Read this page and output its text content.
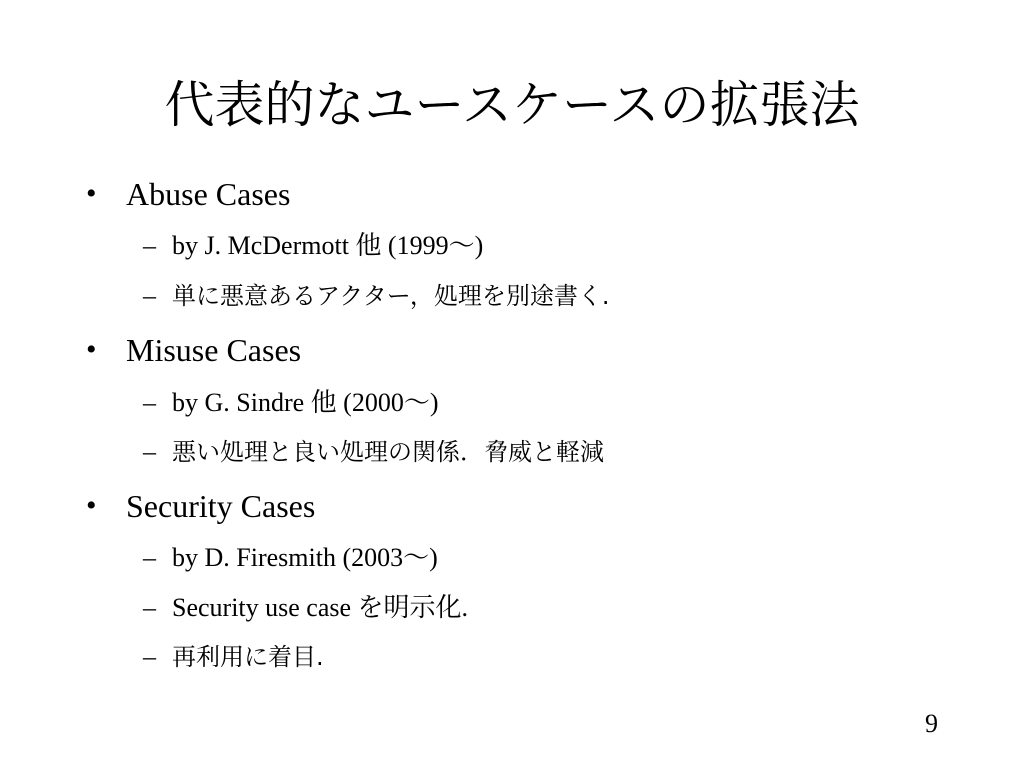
代表的なユースケースの拡張法
• Abuse Cases
– by J. McDermott 他 (1999～)
– 単に悪意あるアクター，処理を別途書く.
• Misuse Cases
– by G. Sindre 他 (2000～)
– 悪い処理と良い処理の関係．脅威と軽減
• Security Cases
– by D. Firesmith (2003～)
– Security use case を明示化.
– 再利用に着目.
9
